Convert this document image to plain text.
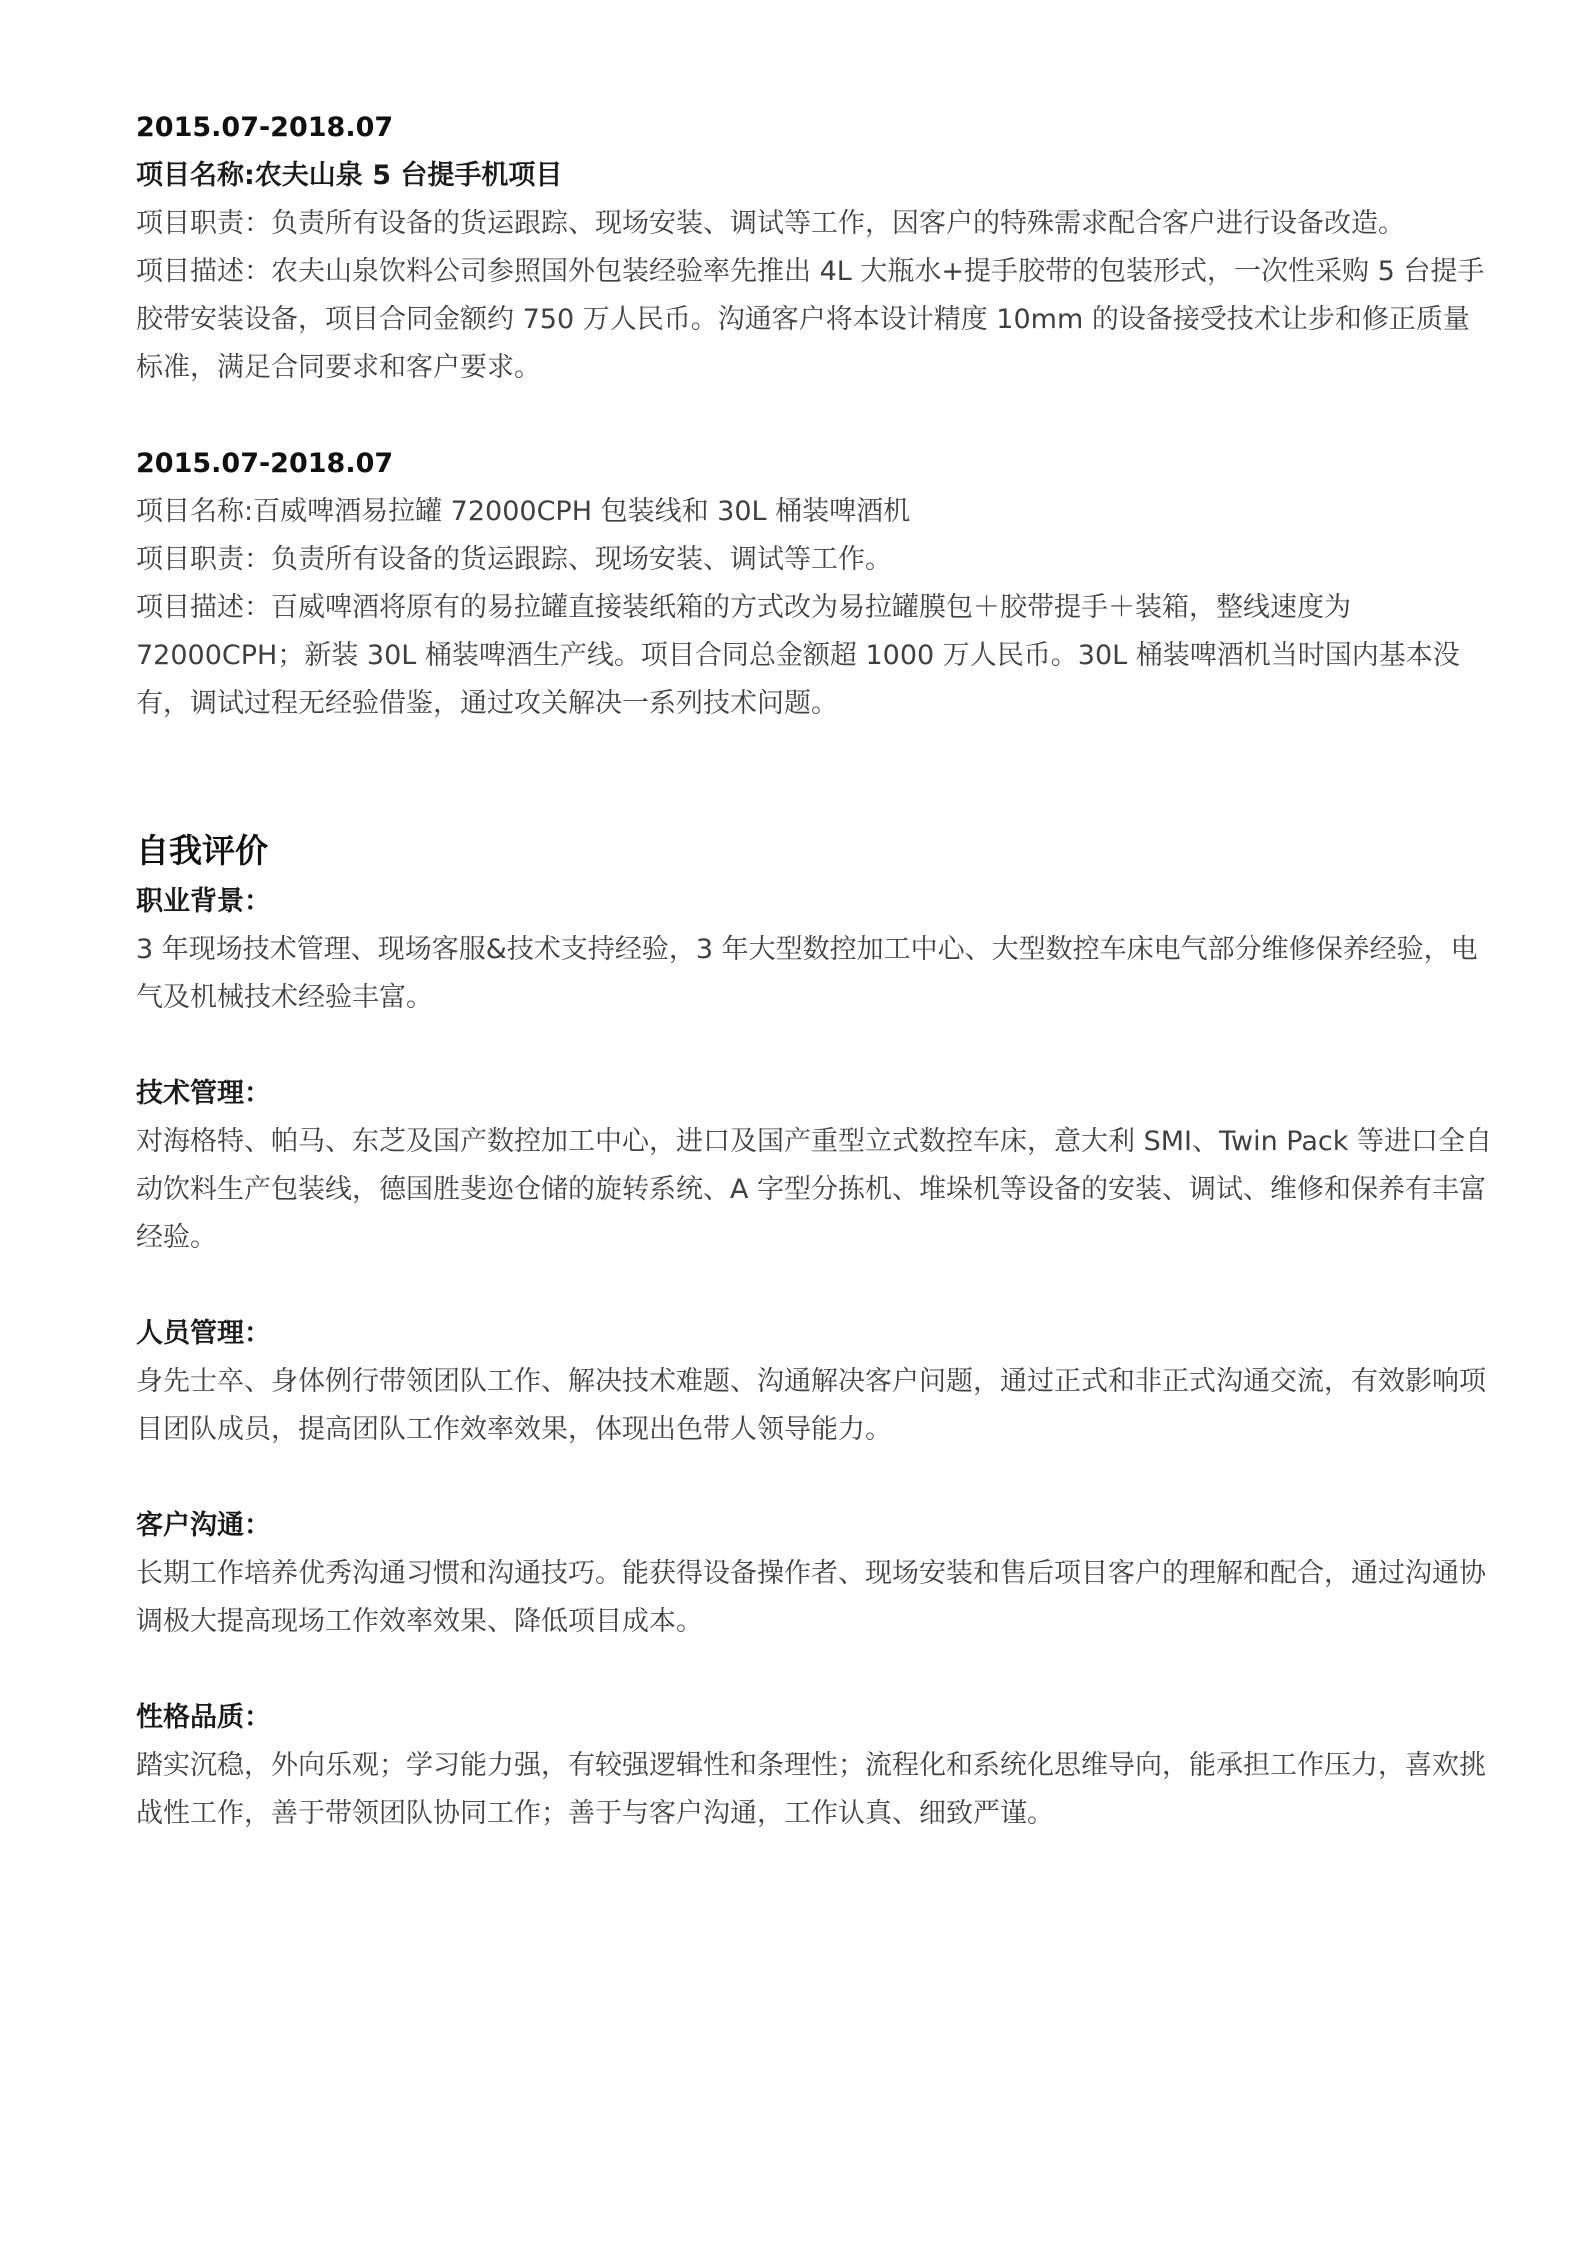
2015.07-2018.07

项目名称:农夫山泉 5 台提手机项目

项目职责：负责所有设备的货运跟踪、现场安装、调试等工作，因客户的特殊需求配合客户进行设备改造。

项目描述：农夫山泉饮料公司参照国外包装经验率先推出 4L 大瓶水+提手胶带的包装形式，一次性采购 5 台提手胶带安装设备，项目合同金额约 750 万人民币。沟通客户将本设计精度 10mm 的设备接受技术让步和修正质量标准，满足合同要求和客户要求。

2015.07-2018.07

项目名称:百威啤酒易拉罐 72000CPH 包装线和 30L 桶装啤酒机

项目职责：负责所有设备的货运跟踪、现场安装、调试等工作。

项目描述：百威啤酒将原有的易拉罐直接装纸箱的方式改为易拉罐膜包＋胶带提手＋装箱，整线速度为72000CPH；新装 30L 桶装啤酒生产线。项目合同总金额超 1000 万人民币。30L 桶装啤酒机当时国内基本没有，调试过程无经验借鉴，通过攻关解决一系列技术问题。

自我评价
职业背景：

3 年现场技术管理、现场客服&技术支持经验，3 年大型数控加工中心、大型数控车床电气部分维修保养经验，电气及机械技术经验丰富。

技术管理：

对海格特、帕马、东芝及国产数控加工中心，进口及国产重型立式数控车床，意大利 SMI、Twin Pack 等进口全自动饮料生产包装线，德国胜斐迩仓储的旋转系统、A 字型分拣机、堆垛机等设备的安装、调试、维修和保养有丰富经验。

人员管理：

身先士卒、身体例行带领团队工作、解决技术难题、沟通解决客户问题，通过正式和非正式沟通交流，有效影响项目团队成员，提高团队工作效率效果，体现出色带人领导能力。

客户沟通：

长期工作培养优秀沟通习惯和沟通技巧。能获得设备操作者、现场安装和售后项目客户的理解和配合，通过沟通协调极大提高现场工作效率效果、降低项目成本。

性格品质：

踏实沉稳，外向乐观；学习能力强，有较强逻辑性和条理性；流程化和系统化思维导向，能承担工作压力，喜欢挑战性工作，善于带领团队协同工作；善于与客户沟通，工作认真、细致严谨。
